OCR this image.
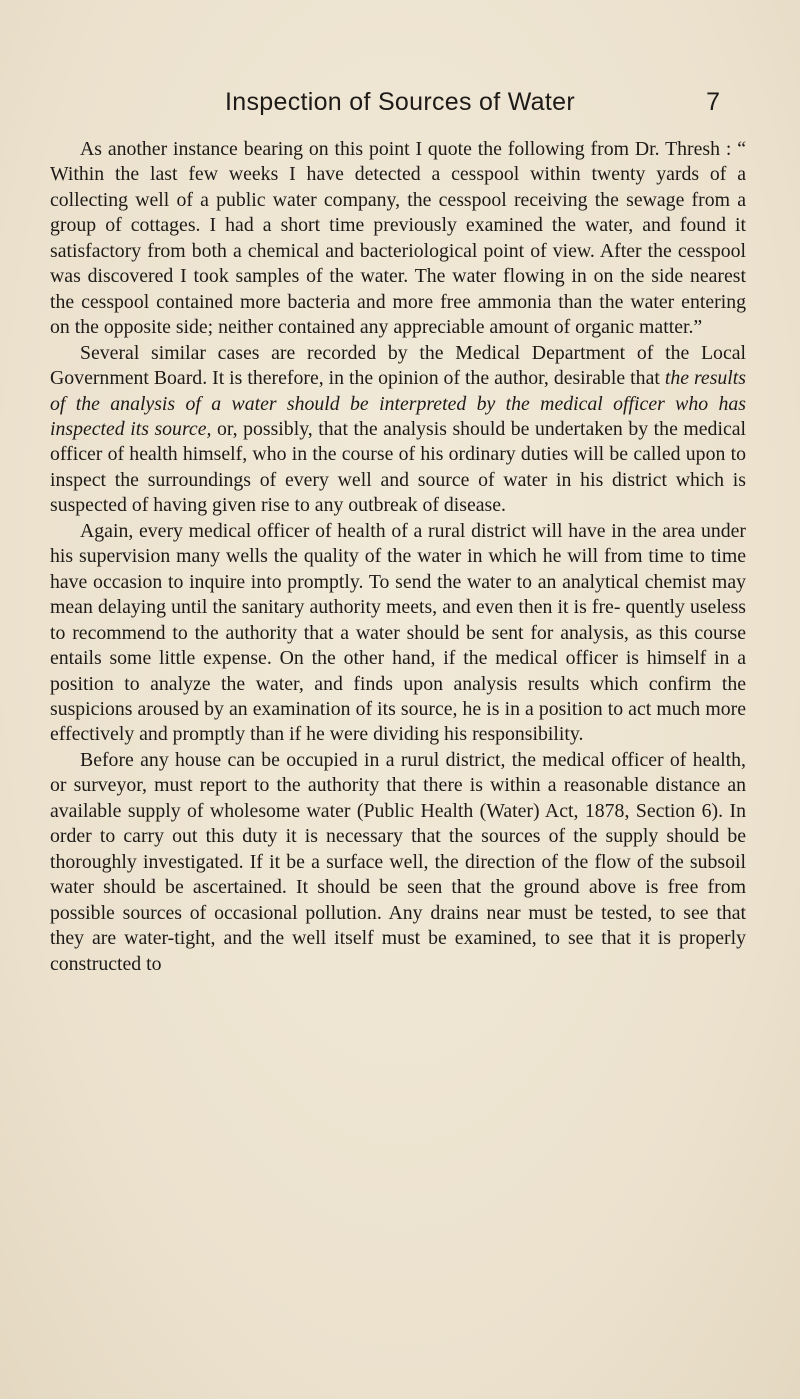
Inspection of Sources of Water	7

As another instance bearing on this point I quote the following from Dr. Thresh : “ Within the last few weeks I have detected a cesspool within twenty yards of a collecting well of a public water company, the cesspool receiving the sewage from a group of cottages. I had a short time previously examined the water, and found it satisfactory from both a chemical and bacteriological point of view. After the cesspool was discovered I took samples of the water. The water flowing in on the side nearest the cesspool contained more bacteria and more free ammonia than the water entering on the opposite side; neither contained any appreciable amount of organic matter.”

Several similar cases are recorded by the Medical Department of the Local Government Board. It is therefore, in the opinion of the author, desirable that the results of the analysis of a water should be interpreted by the medical officer who has inspected its source, or, possibly, that the analysis should be undertaken by the medical officer of health himself, who in the course of his ordinary duties will be called upon to inspect the surroundings of every well and source of water in his district which is suspected of having given rise to any outbreak of disease.

Again, every medical officer of health of a rural district will have in the area under his supervision many wells the quality of the water in which he will from time to time have occasion to inquire into promptly. To send the water to an analytical chemist may mean delaying until the sanitary authority meets, and even then it is fre- quently useless to recommend to the authority that a water should be sent for analysis, as this course entails some little expense. On the other hand, if the medical officer is himself in a position to analyze the water, and finds upon analysis results which confirm the suspicions aroused by an examination of its source, he is in a position to act much more effectively and promptly than if he were dividing his responsibility.

Before any house can be occupied in a rurul district, the medical officer of health, or surveyor, must report to the authority that there is within a reasonable distance an available supply of wholesome water (Public Health (Water) Act, 1878, Section 6). In order to carry out this duty it is necessary that the sources of the supply should be thoroughly investigated. If it be a surface well, the direction of the flow of the subsoil water should be ascertained. It should be seen that the ground above is free from possible sources of occasional pollution. Any drains near must be tested, to see that they are water-tight, and the well itself must be examined, to see that it is properly constructed to
